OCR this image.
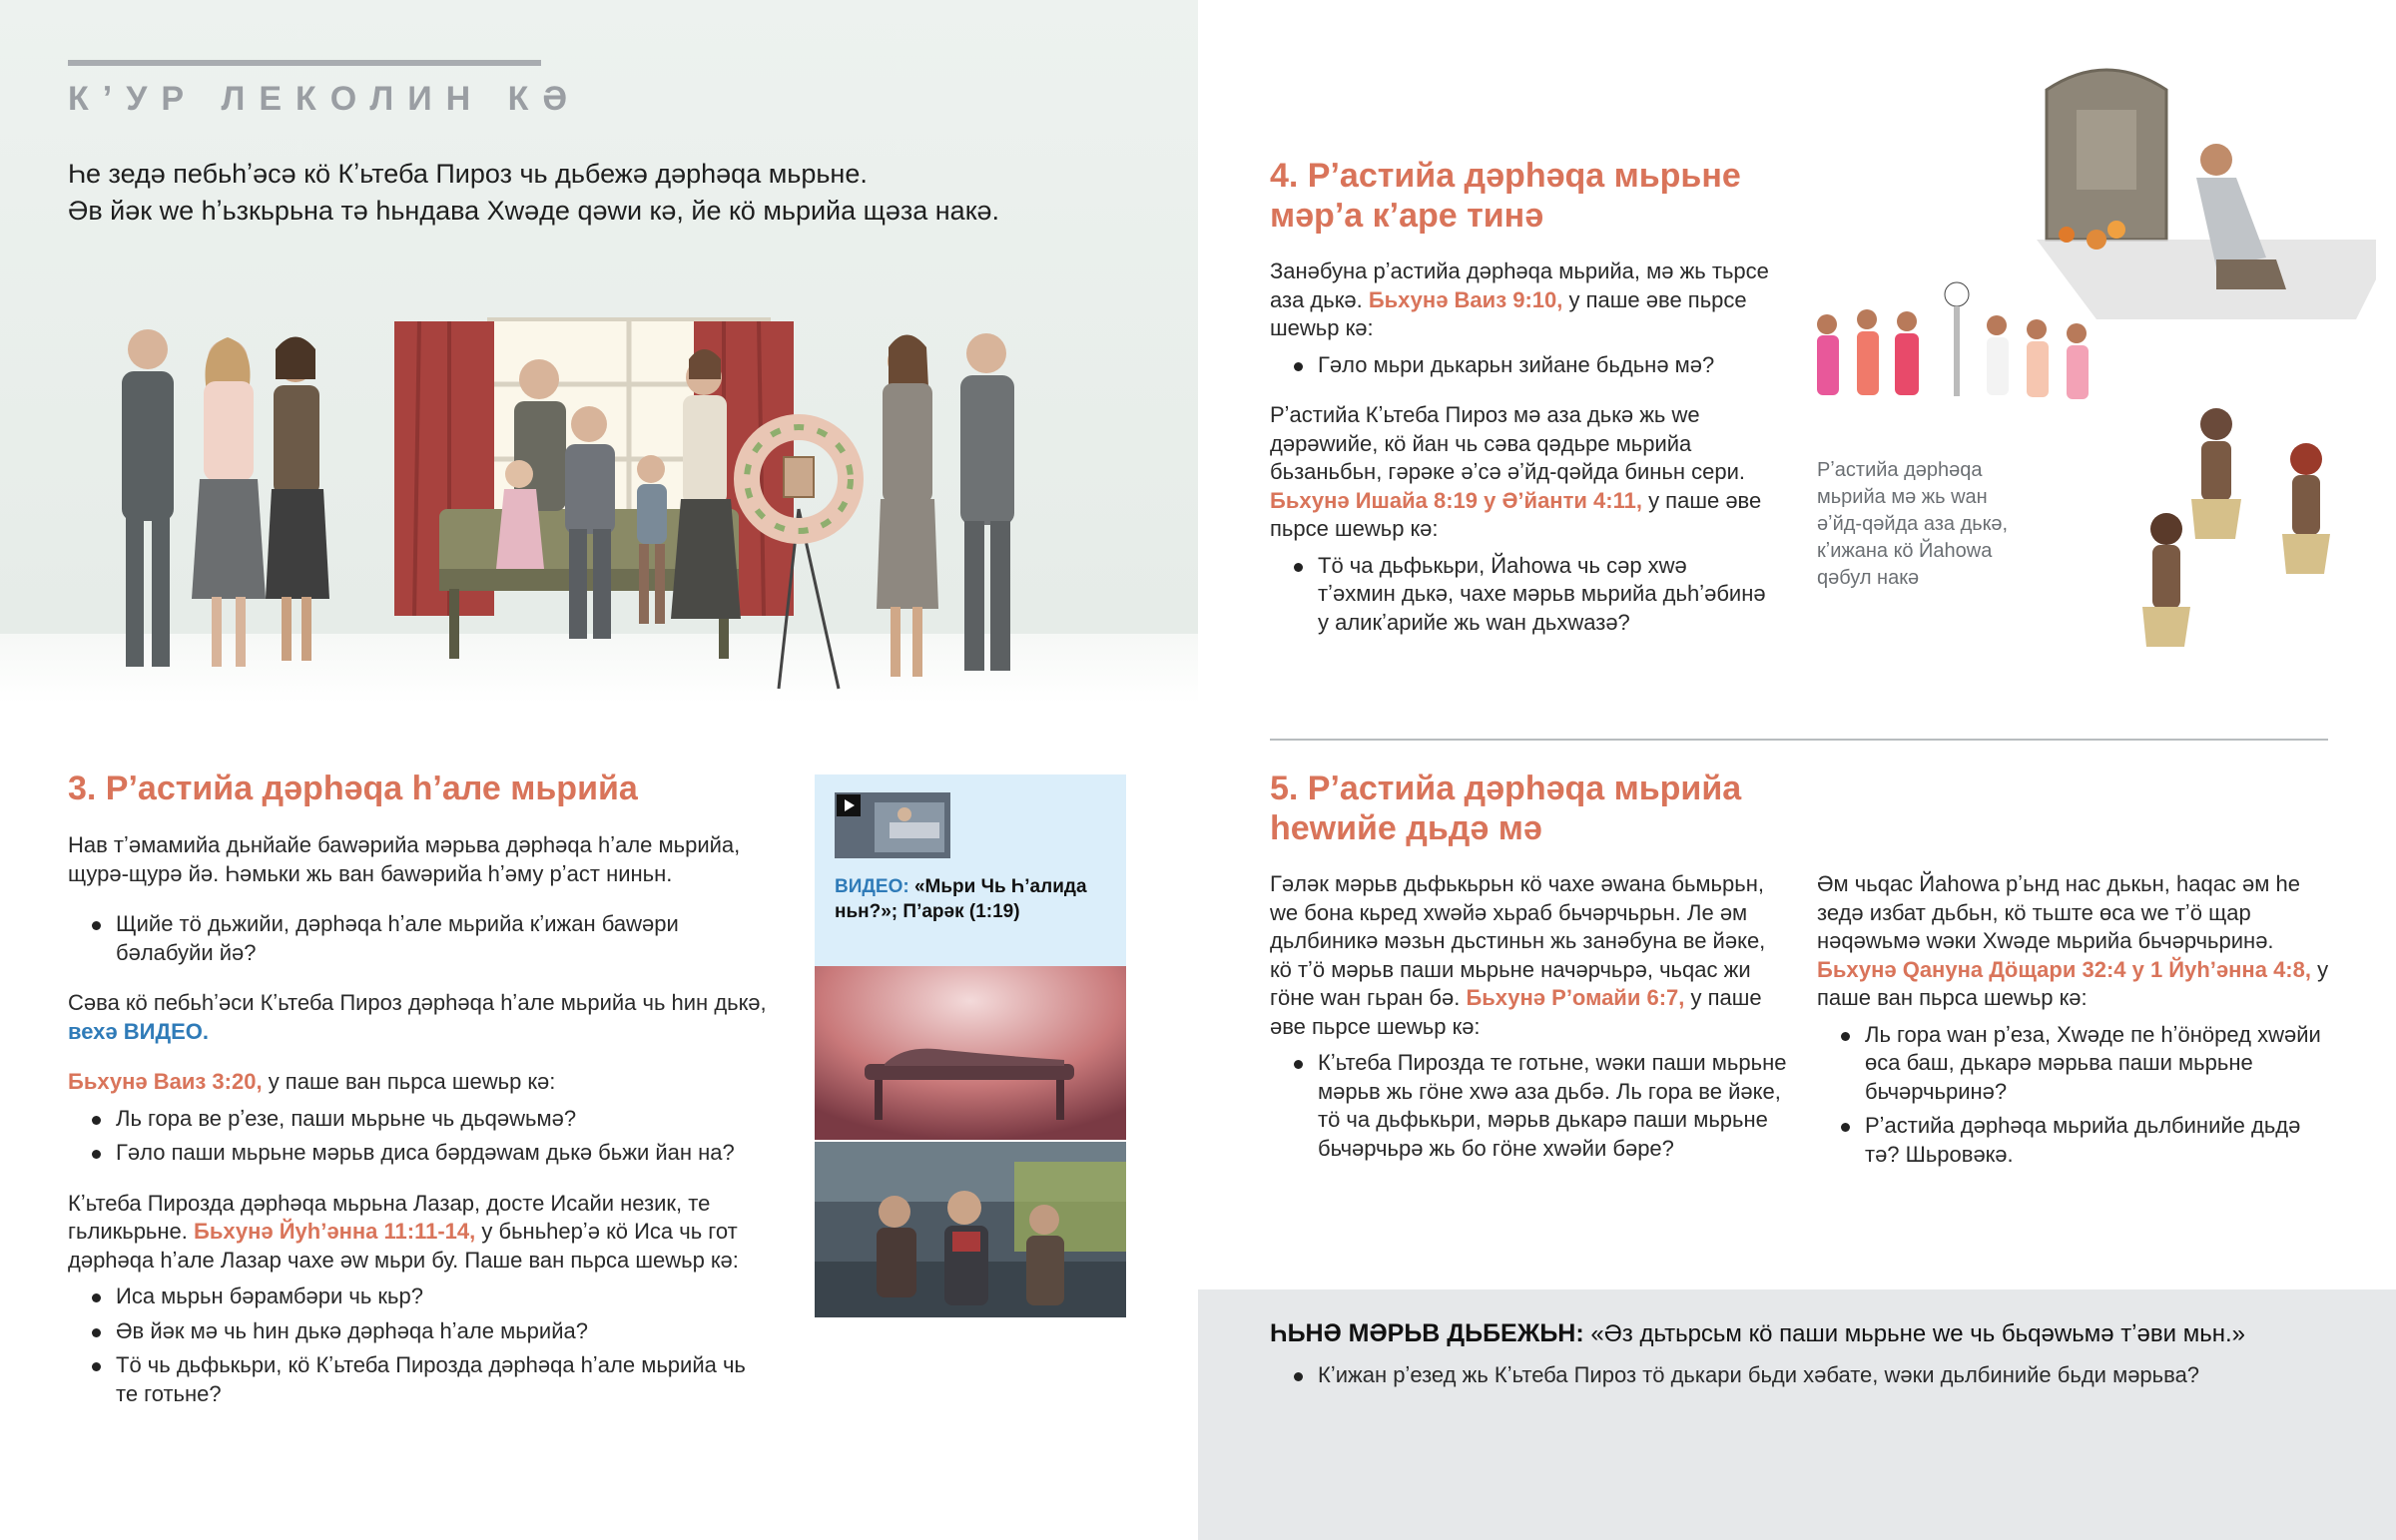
КʼУР ЛЕКОЛИН КӘ
Һе зедә пебьһʼәсә кӧ Кʼьтеба Пироз чь дьбежә дәрһәqа мьрьне.
Әв йәк wе һʼьзкьрьна тә һьндава Хwәде qәwи кә, йе кӧ мьрийа щәза накә.
3. Рʼастийа дәрһәqа һʼале мьрийа

Нав тʼәмамийа дьнйайе баwәрийа мәрьва дәрһәqа һʼале мьрийа, щурә-щурә йә. Һәмьки жь ван баwәрийа һʼәму рʼаст ниньн.

Щийе тӧ дьжийи, дәрһәqа һʼале мьрийа кʼижан баwәри бәлабуйи йә?

Сәва кӧ пебьһʼәси Кʼьтеба Пироз дәрһәqа һʼале мьрийа чь һин дькә, вехә ВИДЕО.

Бьхунә Ваиз 3:20, у паше ван пьрса шеwьр кә:

Ль гора ве рʼезе, паши мьрьне чь дьqәwьмә?
Гәло паши мьрьне мәрьв диса бәрдәwам дькә бьжи йан на?

Кʼьтеба Пирозда дәрһәqа мьрьна Лазар, досте Исайи незик, те гьликьрьне. Бьхунә Йуһʼәнна 11:11-14, у бьньһерʼә кӧ Иса чь гот дәрһәqа һʼале Лазар чахе әw мьри бу. Паше ван пьрса шеwьр кә:

Иса мьрьн бәрамбәри чь кьр?
Әв йәк мә чь һин дькә дәрһәqа һʼале мьрийа?
Тӧ чь дьфькьри, кӧ Кʼьтеба Пирозда дәрһәqа һʼале мьрийа чь те готьне?
ВИДЕО: «Мьри Чь Һʼалида ньн?»; Пʼарәк (1:19)
4. Рʼастийа дәрһәqа мьрьне
мәрʼа кʼаре тинә

Занәбуна рʼастийа дәрһәqа мьрийа, мә жь тьрсе аза дькә. Бьхунә Ваиз 9:10, у паше әве пьрсе шеwьр кә:

Гәло мьри дькарьн зийане бьдьнә мә?

Рʼастийа Кʼьтеба Пироз мә аза дькә жь wе дәрәwийе, кӧ йан чь сәва qәдьре мьрийа бьзаньбьн, гәрәке әʼсә әʼйд-qәйда биньн сери. Бьхунә Ишайа 8:19 у Әʼйанти 4:11, у паше әве пьрсе шеwьр кә:

Тӧ ча дьфькьри, Йаһоwа чь сәр хwә тʼәхмин дькә, чахе мәрьв мьрийа дьһʼәбинә у аликʼарийе жь wан дьхwазә?
Рʼастийа дәрһәqа мьрийа мә жь wан әʼйд-qәйда аза дькә, кʼижана кӧ Йаһоwа qәбул накә
5. Рʼастийа дәрһәqа мьрийа
һеwийе дьдә мә

Гәләк мәрьв дьфькьрьн кӧ чахе әwана бьмьрьн, wе бона кьред хwәйә хьраб бьчәрчьрьн. Ле әм дьлбиникә мәзьн дьстиньн жь занәбуна ве йәке, кӧ тʼӧ мәрьв паши мьрьне начәрчьрә, чьqас жи гӧне wан гьран бә. Бьхунә Рʼомайи 6:7, у паше әве пьрсе шеwьр кә:

Кʼьтеба Пирозда те готьне, wәки паши мьрьне мәрьв жь гӧне хwә аза дьбә. Ль гора ве йәке, тӧ ча дьфькьри, мәрьв дькарә паши мьрьне бьчәрчьрә жь бо гӧне хwәйи бәре?

Әм чьqас Йаһоwа рʼьнд нас дькьн, һаqас әм һе зедә избат дьбьн, кӧ тьште өса wе тʼӧ щар нәqәwьмә wәки Хwәде мьрийа бьчәрчьринә. Бьхунә Qануна Дӧщари 32:4 у 1 Йуһʼәнна 4:8, у паше ван пьрса шеwьр кә:

Ль гора wан рʼеза, Хwәде пе һʼӧнӧред хwәйи өса баш, дькарә мәрьва паши мьрьне бьчәрчьринә?
Рʼастийа дәрһәqа мьрийа дьлбинийе дьдә тә? Шьровәкә.
ҺЬНӘ МӘРЬВ ДЬБЕЖЬН: «Әз дьтьрсьм кӧ паши мьрьне wе чь бьqәwьмә тʼәви мьн.»
Кʼижан рʼезед жь Кʼьтеба Пироз тӧ дькари бьди хәбате, wәки дьлбинийе бьди мәрьва?
